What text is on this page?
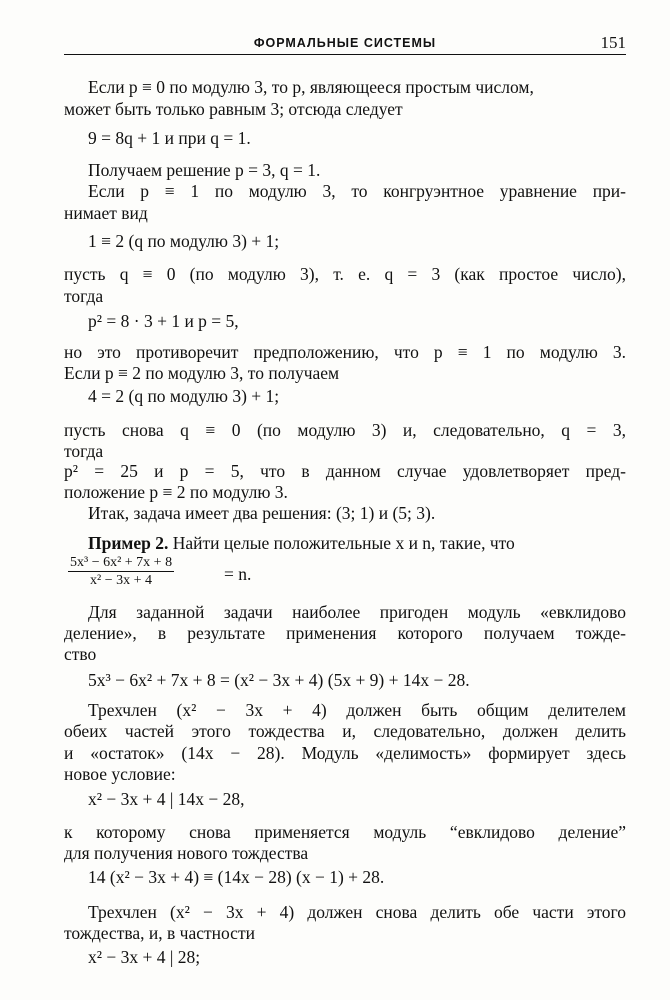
ФОРМАЛЬНЫЕ СИСТЕМЫ	151
Если p ≡ 0 по модулю 3, то p, являющееся простым числом,
может быть только равным 3; отсюда следует
9 = 8q + 1 и при q = 1.
Получаем решение p = 3, q = 1.
Если p ≡ 1 по модулю 3, то конгруэнтное уравнение при-
нимает вид
1 ≡ 2 (q по модулю 3) + 1;
пусть q ≡ 0 (по модулю 3), т. е. q = 3 (как простое число),
тогда
p² = 8 · 3 + 1 и p = 5,
но это противоречит предположению, что p ≡ 1 по модулю 3.
Если p ≡ 2 по модулю 3, то получаем
4 = 2 (q по модулю 3) + 1;
пусть снова q ≡ 0 (по модулю 3) и, следовательно, q = 3,
тогда
p² = 25 и p = 5, что в данном случае удовлетворяет пред-
положение p ≡ 2 по модулю 3.
Итак, задача имеет два решения: (3; 1) и (5; 3).
Пример 2. Найти целые положительные x и n, такие, что
$\frac{\text{5x³ − 6x² + 7x + 8}}{\text{x² − 3x + 4}}$	= n.
Для заданной задачи наиболее пригоден модуль «евклидово
деление», в результате применения которого получаем тожде-
ство
5x³ − 6x² + 7x + 8 = (x² − 3x + 4) (5x + 9) + 14x − 28.
Трехчлен (x² − 3x + 4) должен быть общим делителем
обеих частей этого тождества и, следовательно, должен делить
и «остаток» (14x − 28). Модуль «делимость» формирует здесь
новое условие:
x² − 3x + 4 | 14x − 28,
к которому снова применяется модуль “евклидово деление”
для получения нового тождества
14 (x² − 3x + 4) ≡ (14x − 28) (x − 1) + 28.
Трехчлен (x² − 3x + 4) должен снова делить обе части этого
тождества, и, в частности
x² − 3x + 4 | 28;
